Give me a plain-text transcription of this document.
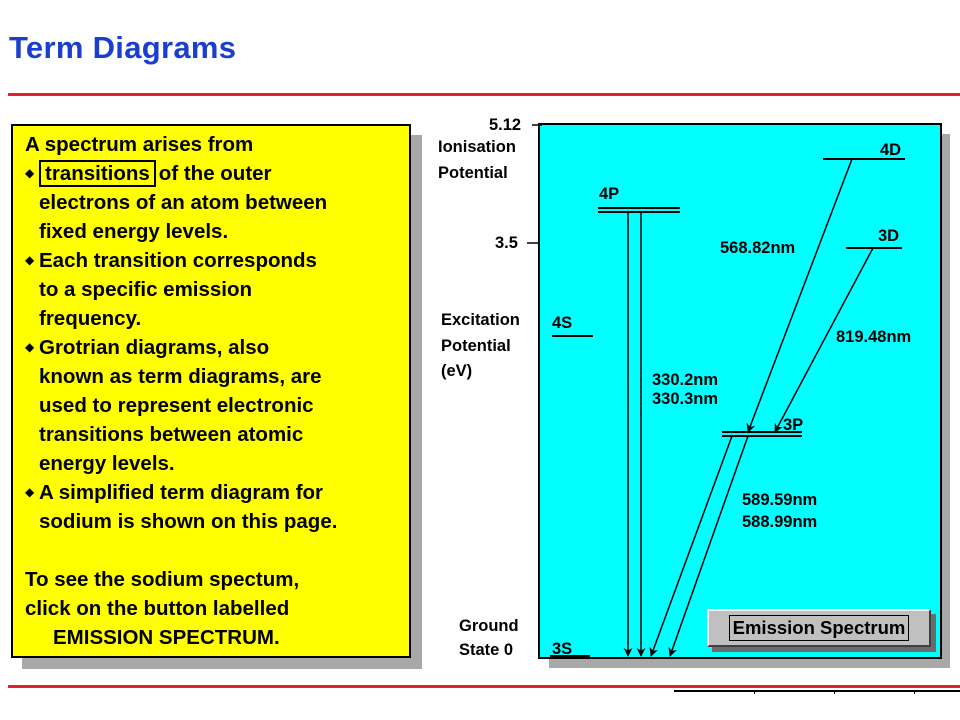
Term Diagrams

A spectrum arises from

◆ transitions of the outer
electrons of an atom between
fixed energy levels.
◆ Each transition corresponds
to a specific emission
frequency.
◆ Grotrian diagrams, also
known as term diagrams, are
used to represent electronic
transitions between atomic
energy levels.
◆ A simplified term diagram for
sodium is shown on this page.

To see the sodium spectum,

click on the button labelled

EMISSION SPECTRUM.

5.12
Ionisation
Potential
3.5
Excitation
Potential
(eV)
Ground
State 0 3S
4S
4P
3P
4D
3D
568.82nm
819.48nm
330.2nm
330.3nm
589.59nm
588.99nm
Emission Spectrum
